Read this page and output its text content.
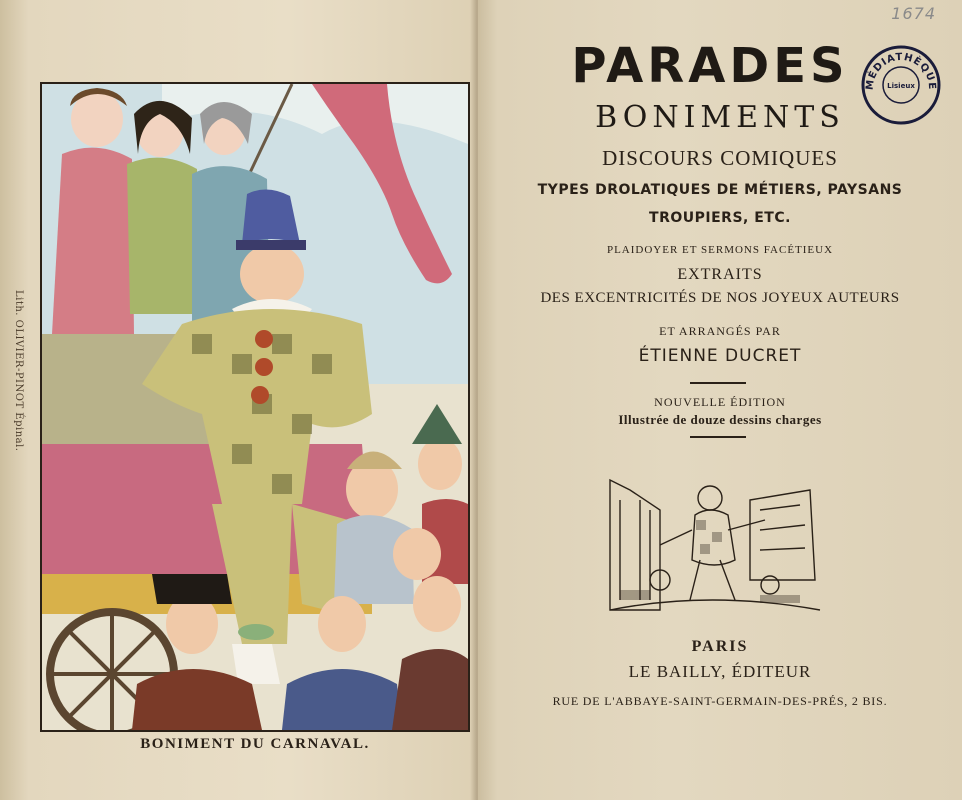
Lith. OLIVIER-PINOT Épinal.
BONIMENT DU CARNAVAL.
1674
MÉDIATHÈQUE
Lisieux
PARADES
BONIMENTS
DISCOURS COMIQUES
TYPES DROLATIQUES DE MÉTIERS, PAYSANS
TROUPIERS, ETC.
PLAIDOYER ET SERMONS FACÉTIEUX
EXTRAITS
DES EXCENTRICITÉS DE NOS JOYEUX AUTEURS
ET ARRANGÉS PAR
ÉTIENNE DUCRET
NOUVELLE ÉDITION
Illustrée de douze dessins charges
PARIS
LE BAILLY, ÉDITEUR
RUE DE L'ABBAYE-SAINT-GERMAIN-DES-PRÉS, 2 BIS.
